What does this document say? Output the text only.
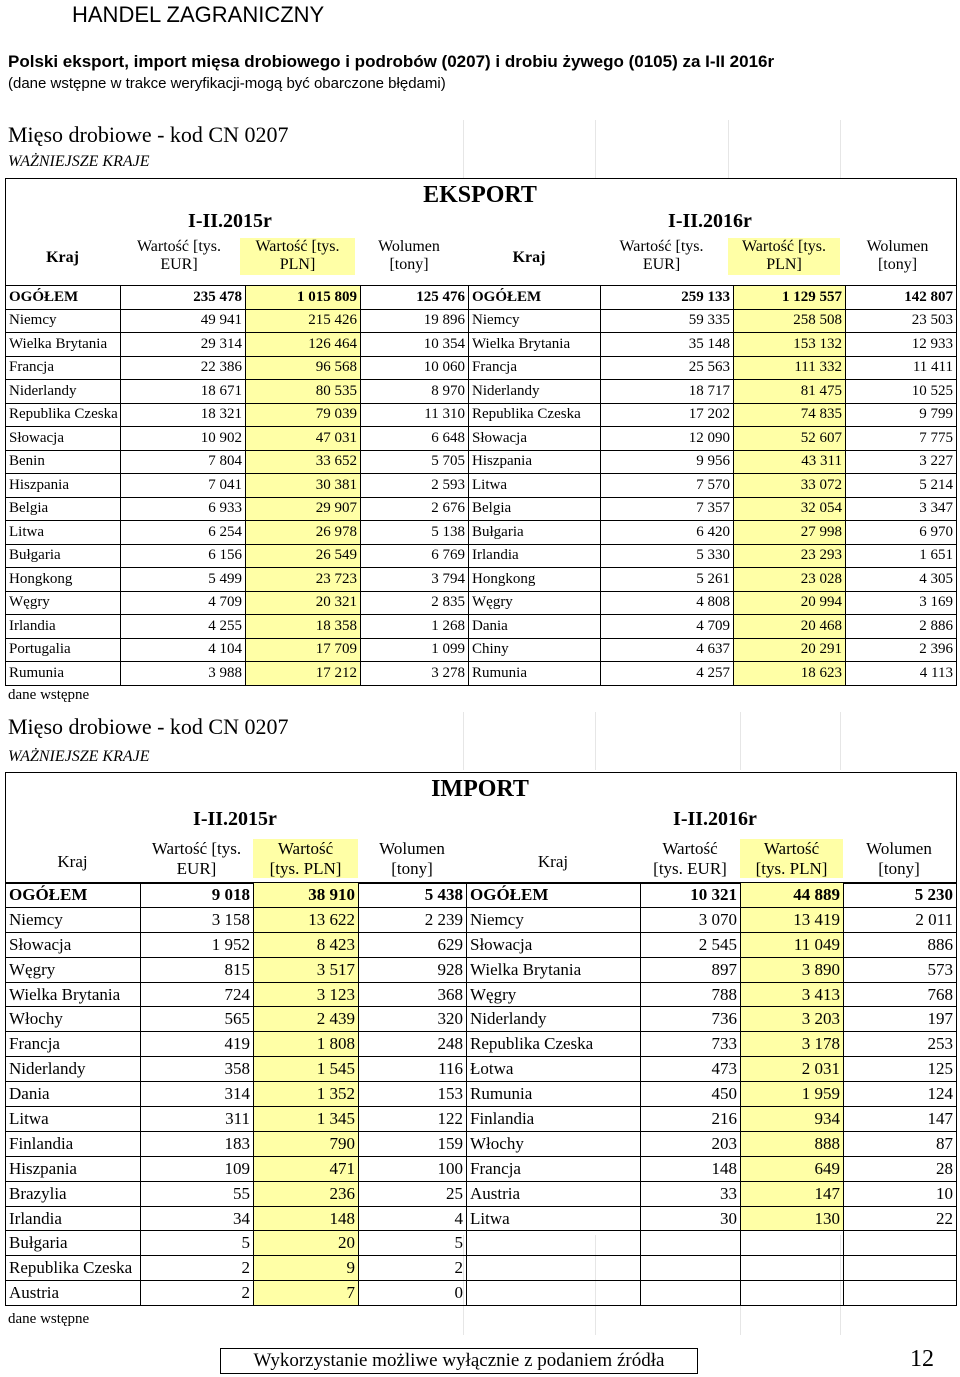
HANDEL ZAGRANICZNY
Polski eksport, import mięsa drobiowego i podrobów (0207) i drobiu żywego (0105) za I-II 2016r
(dane wstępne w trakce weryfikacji-mogą być obarczone błędami)
Mięso drobiowe - kod CN 0207
WAŻNIEJSZE KRAJE
EKSPORT
I-II.2015r	I-II.2016r
Kraj
Wartość [tys.
EUR]
Wartość [tys.
PLN]
Wolumen
[tony]	Kraj
Wartość [tys.
EUR]
Wartość [tys.
PLN]
Wolumen
[tony]
OGÓŁEM	235 478	1 015 809	125 476	OGÓŁEM	259 133	1 129 557	142 807
Niemcy	49 941	215 426	19 896	Niemcy	59 335	258 508	23 503
Wielka Brytania	29 314	126 464	10 354	Wielka Brytania	35 148	153 132	12 933
Francja	22 386	96 568	10 060	Francja	25 563	111 332	11 411
Niderlandy	18 671	80 535	8 970	Niderlandy	18 717	81 475	10 525
Republika Czeska	18 321	79 039	11 310	Republika Czeska	17 202	74 835	9 799
Słowacja	10 902	47 031	6 648	Słowacja	12 090	52 607	7 775
Benin	7 804	33 652	5 705	Hiszpania	9 956	43 311	3 227
Hiszpania	7 041	30 381	2 593	Litwa	7 570	33 072	5 214
Belgia	6 933	29 907	2 676	Belgia	7 357	32 054	3 347
Litwa	6 254	26 978	5 138	Bułgaria	6 420	27 998	6 970
Bułgaria	6 156	26 549	6 769	Irlandia	5 330	23 293	1 651
Hongkong	5 499	23 723	3 794	Hongkong	5 261	23 028	4 305
Węgry	4 709	20 321	2 835	Węgry	4 808	20 994	3 169
Irlandia	4 255	18 358	1 268	Dania	4 709	20 468	2 886
Portugalia	4 104	17 709	1 099	Chiny	4 637	20 291	2 396
Rumunia	3 988	17 212	3 278	Rumunia	4 257	18 623	4 113
dane wstępne
Mięso drobiowe - kod CN 0207
WAŻNIEJSZE KRAJE
IMPORT
I-II.2015r	I-II.2016r
Kraj
Wartość [tys.
EUR]
Wartość
[tys. PLN]
Wolumen
[tony]	Kraj
Wartość
[tys. EUR]
Wartość
[tys. PLN]
Wolumen
[tony]
OGÓŁEM	9 018	38 910	5 438	OGÓŁEM	10 321	44 889	5 230
Niemcy	3 158	13 622	2 239	Niemcy	3 070	13 419	2 011
Słowacja	1 952	8 423	629	Słowacja	2 545	11 049	886
Węgry	815	3 517	928	Wielka Brytania	897	3 890	573
Wielka Brytania	724	3 123	368	Węgry	788	3 413	768
Włochy	565	2 439	320	Niderlandy	736	3 203	197
Francja	419	1 808	248	Republika Czeska	733	3 178	253
Niderlandy	358	1 545	116	Łotwa	473	2 031	125
Dania	314	1 352	153	Rumunia	450	1 959	124
Litwa	311	1 345	122	Finlandia	216	934	147
Finlandia	183	790	159	Włochy	203	888	87
Hiszpania	109	471	100	Francja	148	649	28
Brazylia	55	236	25	Austria	33	147	10
Irlandia	34	148	4	Litwa	30	130	22
Bułgaria	5	20	5				
Republika Czeska	2	9	2				
Austria	2	7	0				
dane wstępne
Wykorzystanie możliwe wyłącznie z podaniem źródła	12
